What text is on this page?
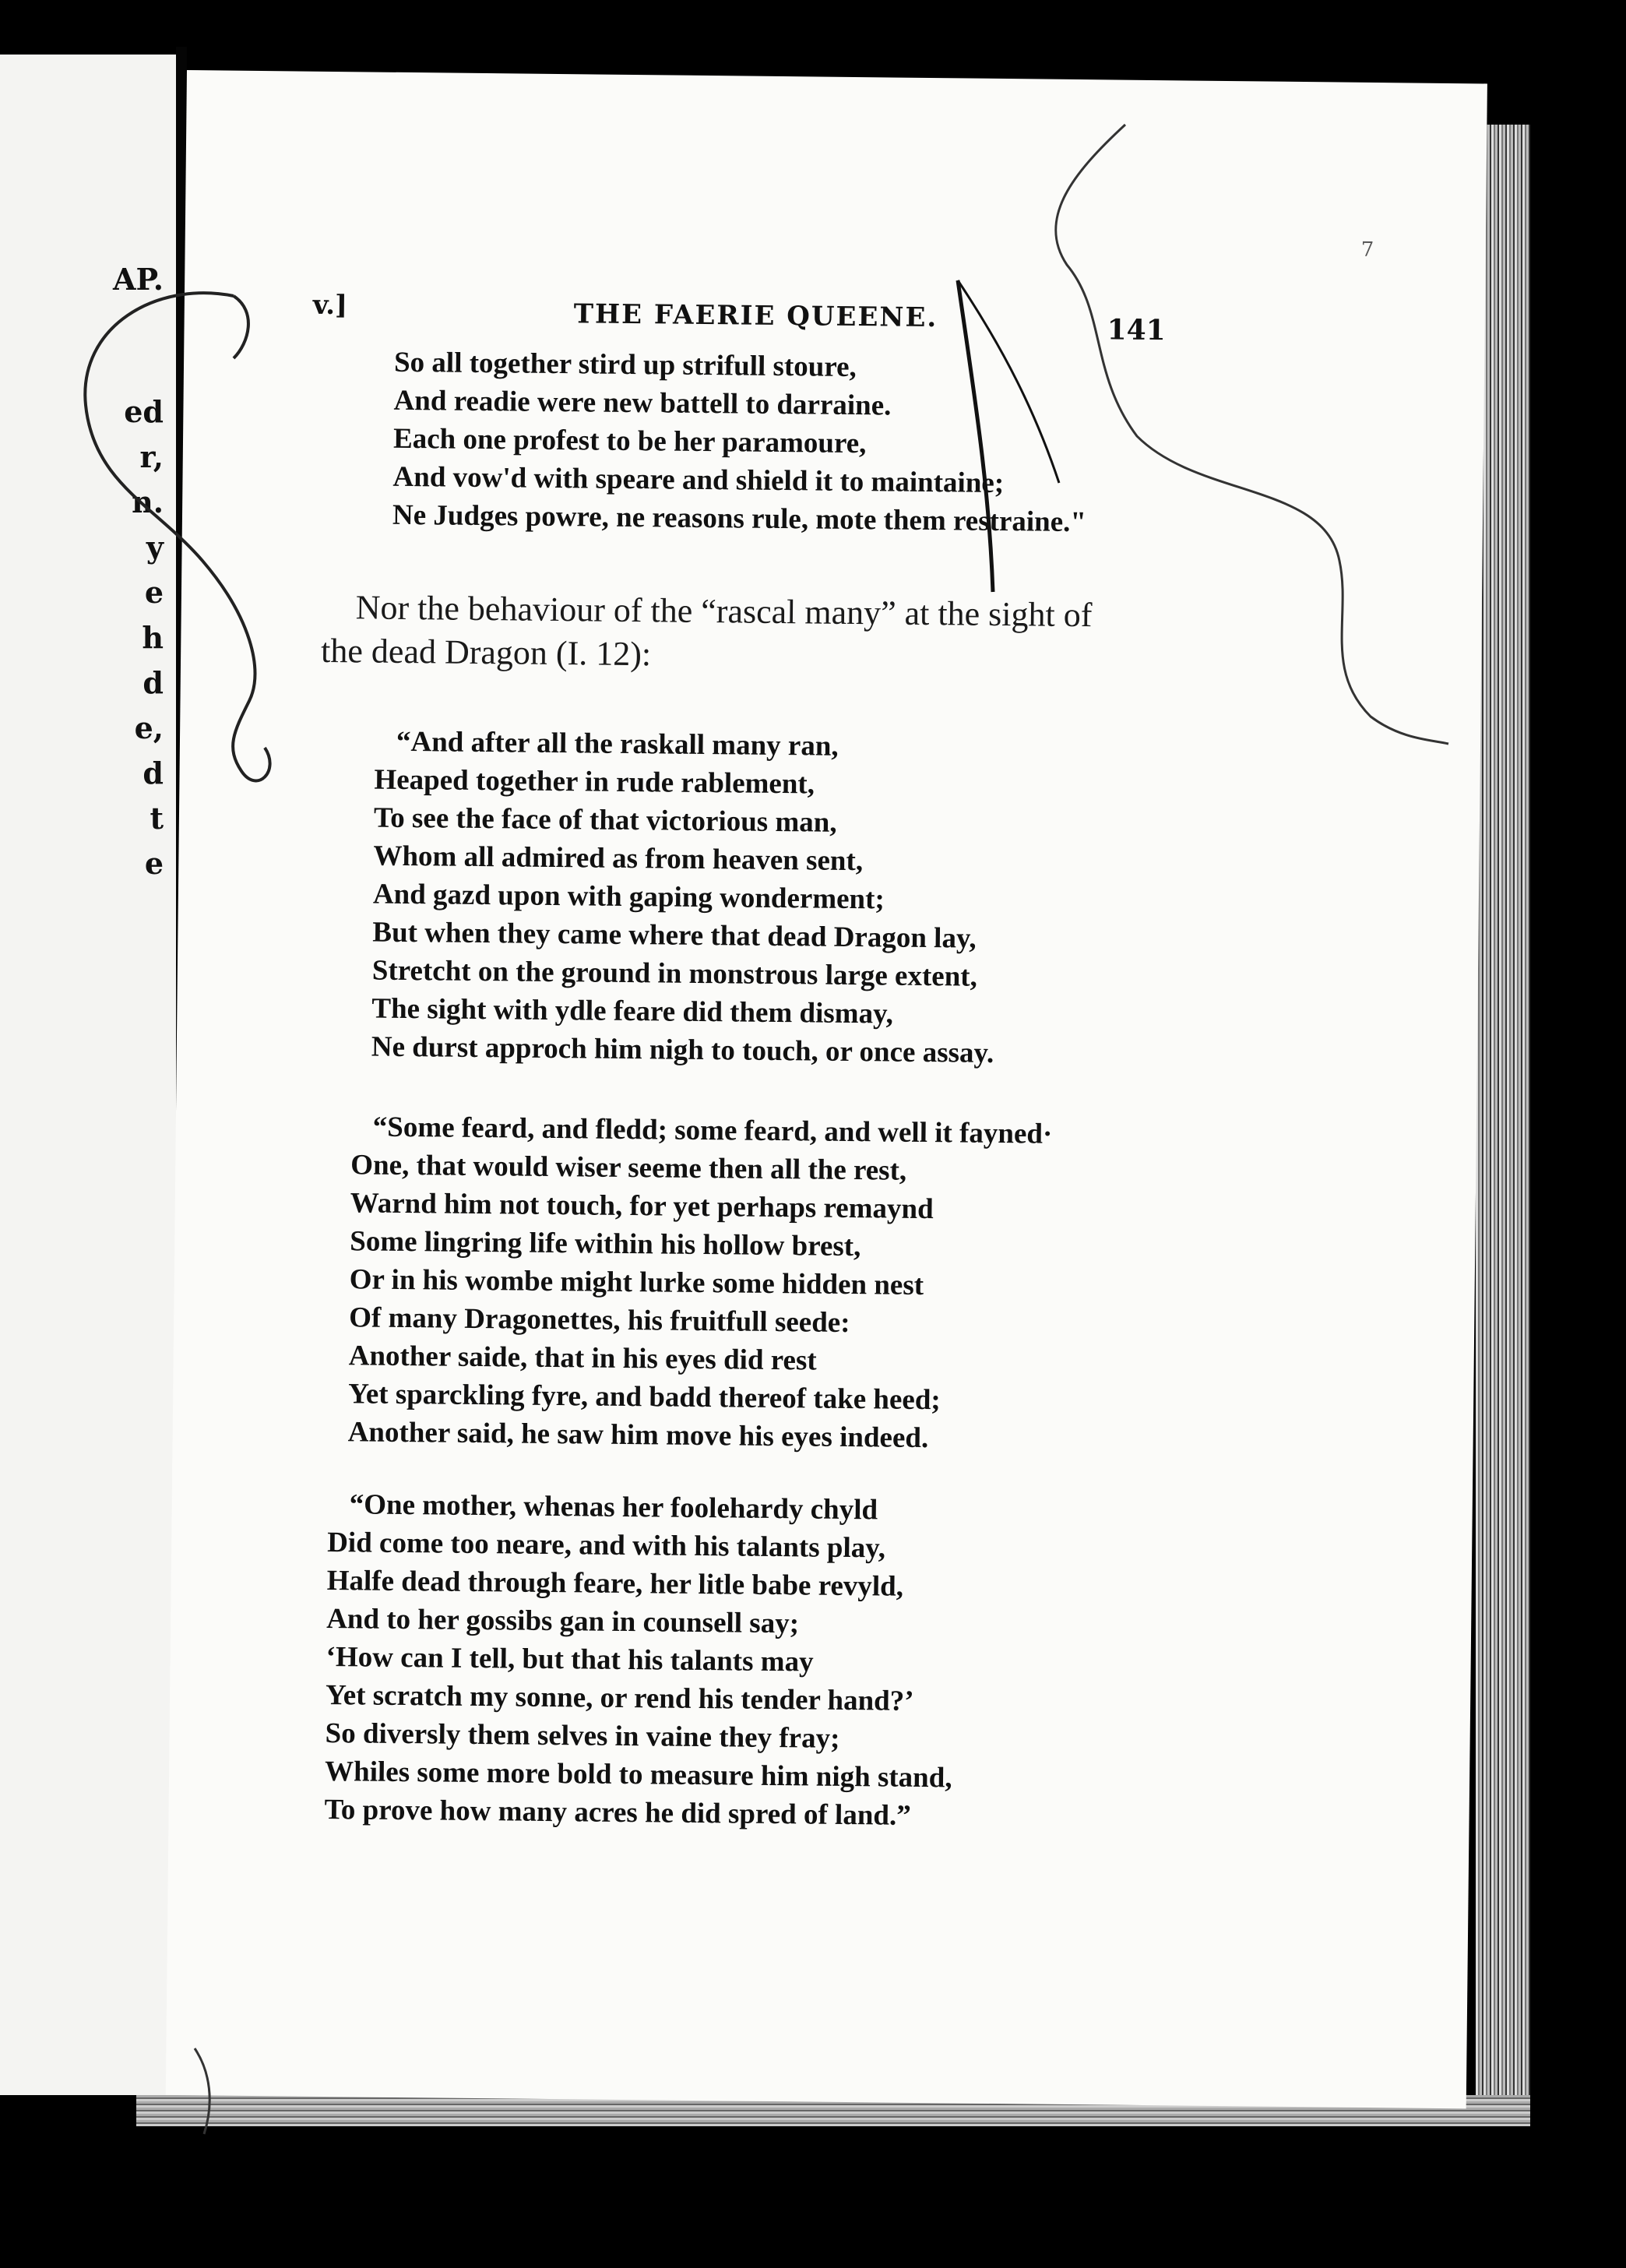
AP.
ed
r,
n.
y
e
h
d
e,
d
t
e
v.]	THE FAERIE QUEENE.	141
7
So all together stird up strifull stoure,
And readie were new battell to darraine.
Each one profest to be her paramoure,
And vow'd with speare and shield it to maintaine;
Ne Judges powre, ne reasons rule, mote them restraine."
Nor the behaviour of the “rascal many” at the sight of
the dead Dragon (I. 12):
“And after all the raskall many ran,
Heaped together in rude rablement,
To see the face of that victorious man,
Whom all admired as from heaven sent,
And gazd upon with gaping wonderment;
But when they came where that dead Dragon lay,
Stretcht on the ground in monstrous large extent,
The sight with ydle feare did them dismay,
Ne durst approch him nigh to touch, or once assay.
“Some feard, and fledd; some feard, and well it fayned·
One, that would wiser seeme then all the rest,
Warnd him not touch, for yet perhaps remaynd
Some lingring life within his hollow brest,
Or in his wombe might lurke some hidden nest
Of many Dragonettes, his fruitfull seede:
Another saide, that in his eyes did rest
Yet sparckling fyre, and badd thereof take heed;
Another said, he saw him move his eyes indeed.
“One mother, whenas her foolehardy chyld
Did come too neare, and with his talants play,
Halfe dead through feare, her litle babe revyld,
And to her gossibs gan in counsell say;
‘How can I tell, but that his talants may
Yet scratch my sonne, or rend his tender hand?’
So diversly them selves in vaine they fray;
Whiles some more bold to measure him nigh stand,
To prove how many acres he did spred of land.”
